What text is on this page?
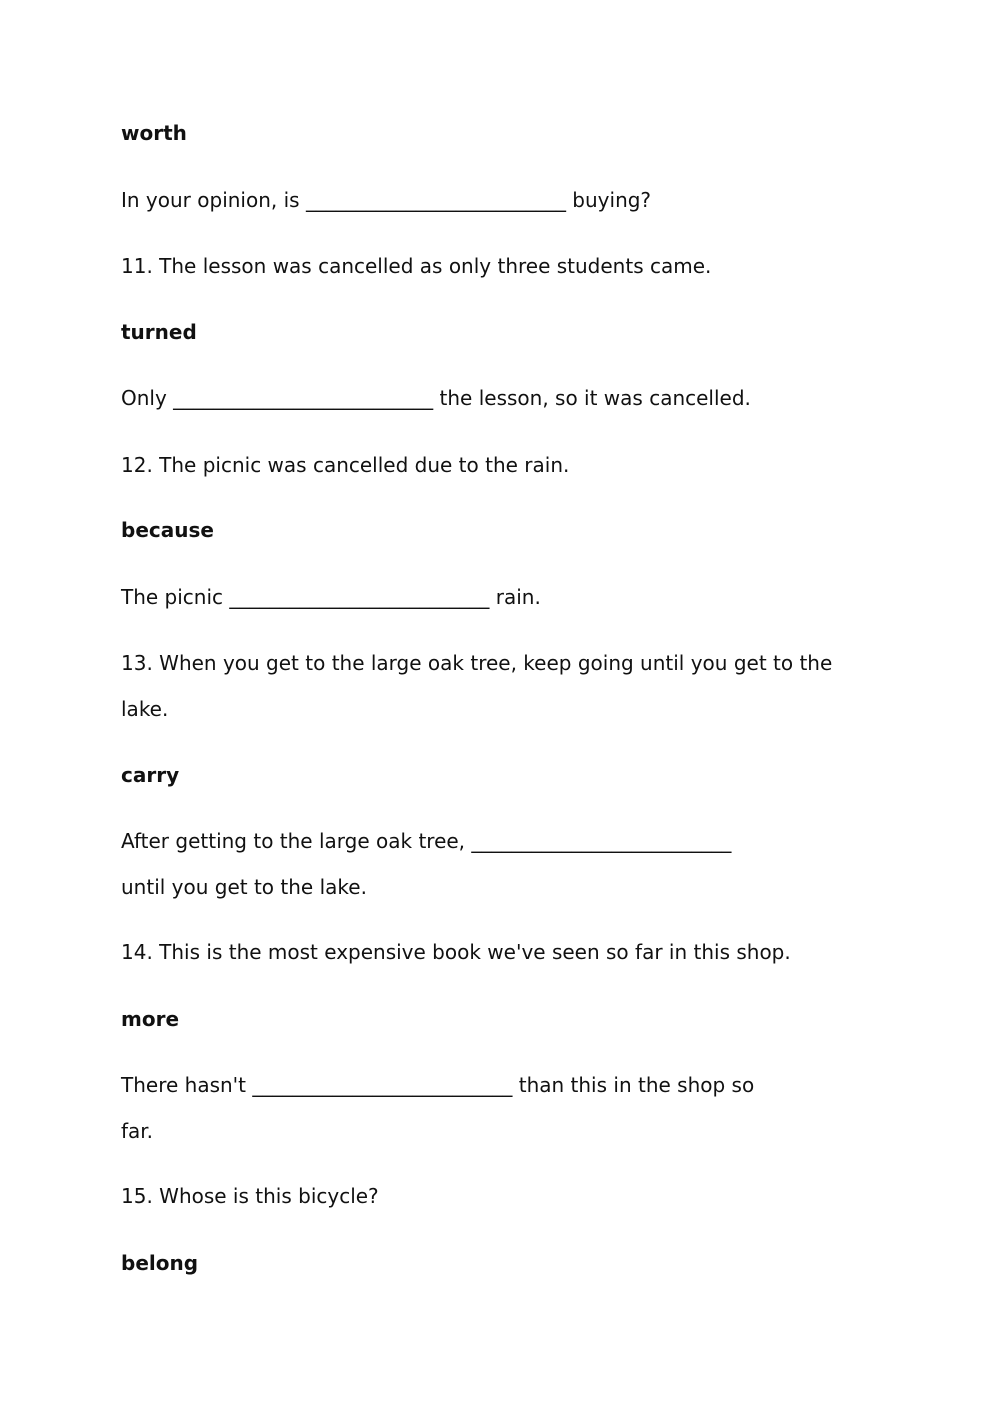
worth
In your opinion, is __________________________ buying?
11. The lesson was cancelled as only three students came.
turned
Only __________________________ the lesson, so it was cancelled.
12. The picnic was cancelled due to the rain.
because
The picnic __________________________ rain.
13. When you get to the large oak tree, keep going until you get to the
lake.
carry
After getting to the large oak tree, __________________________
until you get to the lake.
14. This is the most expensive book we've seen so far in this shop.
more
There hasn't __________________________ than this in the shop so
far.
15. Whose is this bicycle?
belong
